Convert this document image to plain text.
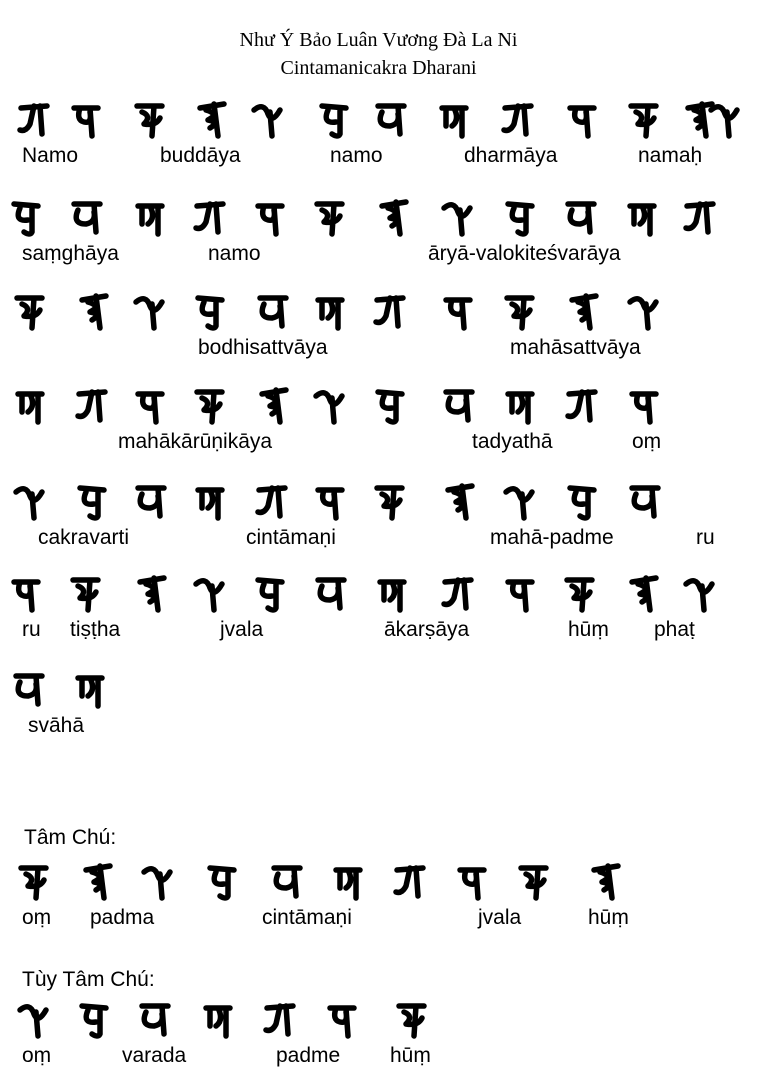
Như Ý Bảo Luân Vương Đà La Ni
Cintamanicakra Dharani
Namo	buddāya	namo	dharmāya	namaḥ
saṃghāya	namo	āryā-valokiteśvarāya
bodhisattvāya	mahāsattvāya
mahākārūṇikāya	tadyathā	oṃ
cakravarti	cintāmaṇi	mahā-padme	ru
ru tiṣṭha	jvala	ākarṣāya	hūṃ phaṭ
svāhā
Tâm Chú:
oṃ padma	cintāmaṇi	jvala	hūṃ
Tùy Tâm Chú:
oṃ	varada	padme hūṃ
